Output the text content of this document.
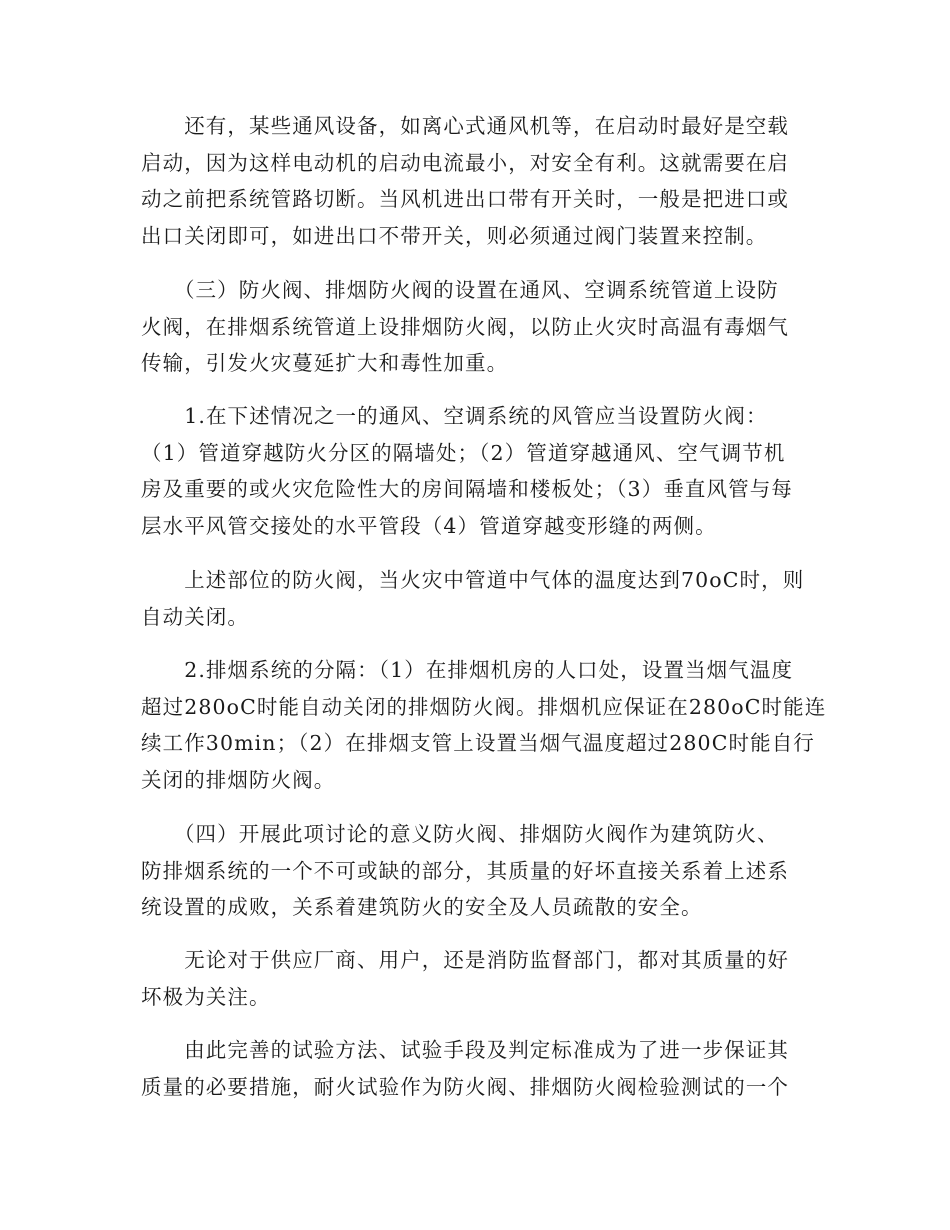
　　还有，某些通风设备，如离心式通风机等，在启动时最好是空载
启动，因为这样电动机的启动电流最小，对安全有利。这就需要在启
动之前把系统管路切断。当风机进出口带有开关时，一般是把进口或
出口关闭即可，如进出口不带开关，则必须通过阀门装置来控制。

　　（三）防火阀、排烟防火阀的设置在通风、空调系统管道上设防
火阀，在排烟系统管道上设排烟防火阀，以防止火灾时高温有毒烟气
传输，引发火灾蔓延扩大和毒性加重。

　　1.在下述情况之一的通风、空调系统的风管应当设置防火阀：
（1）管道穿越防火分区的隔墙处；（2）管道穿越通风、空气调节机
房及重要的或火灾危险性大的房间隔墙和楼板处；（3）垂直风管与每
层水平风管交接处的水平管段（4）管道穿越变形缝的两侧。

　　上述部位的防火阀，当火灾中管道中气体的温度达到70oC时，则
自动关闭。

　　2.排烟系统的分隔：（1）在排烟机房的人口处，设置当烟气温度
超过280oC时能自动关闭的排烟防火阀。排烟机应保证在280oC时能连
续工作30min；（2）在排烟支管上设置当烟气温度超过280C时能自行
关闭的排烟防火阀。

　　（四）开展此项讨论的意义防火阀、排烟防火阀作为建筑防火、
防排烟系统的一个不可或缺的部分，其质量的好坏直接关系着上述系
统设置的成败，关系着建筑防火的安全及人员疏散的安全。

　　无论对于供应厂商、用户，还是消防监督部门，都对其质量的好
坏极为关注。

　　由此完善的试验方法、试验手段及判定标准成为了进一步保证其
质量的必要措施，耐火试验作为防火阀、排烟防火阀检验测试的一个
